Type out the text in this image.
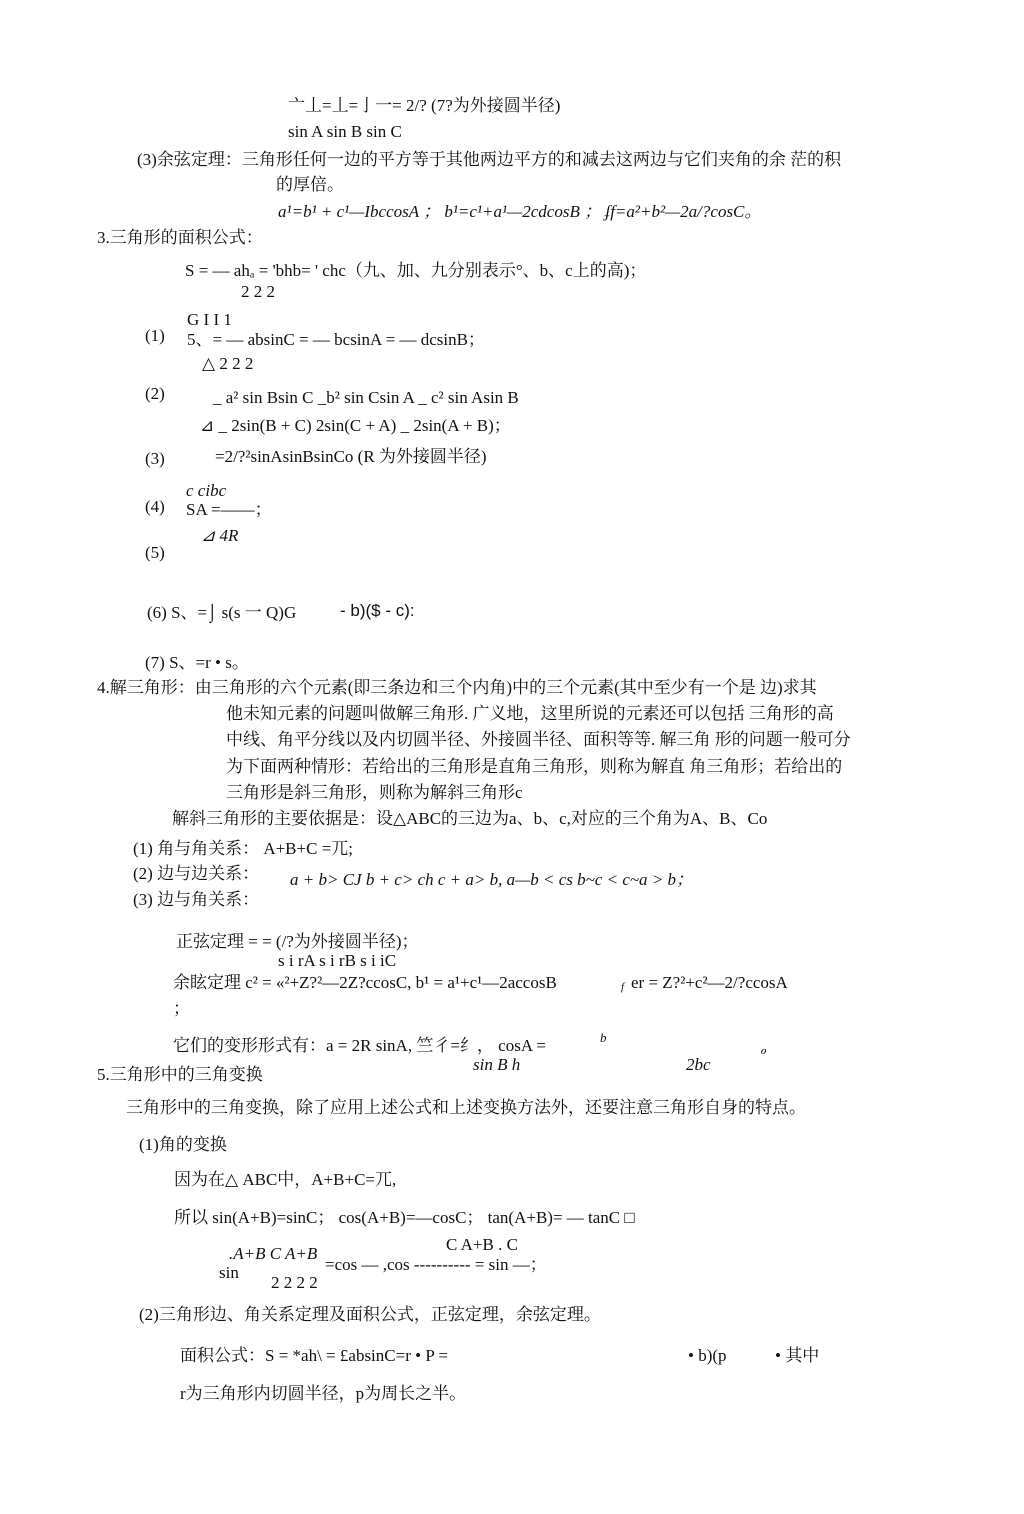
亠丄=丄=亅一= 2/? (7?为外接圆半径)
sin A sin B sin C
(3)余弦定理：三角形任何一边的平方等于其他两边平方的和减去这两边与它们夹角的余 茫的积
的厚倍。
a¹=b¹ + c¹—IbccosA ； b¹=c¹+a¹—2cdcosB ； ʄf=a²+b²—2a/?cosC。
3.三角形的面积公式：
S = — ahₐ = 'bhb= ' chc（九、加、九分别表示°、b、c上的高)；
2 2 2
G I I 1
(1) 5、= — absinC = — bcsinA = — dcsinB；
△ 2 2 2
(2)	_ a² sin Bsin C _b² sin Csin A _ c² sin Asin B
⊿ _ 2sin(B + C) 2sin(C + A) _ 2sin(A + B)；
(3)	=2/?²sinAsinBsinCo (R 为外接圆半径)
c cibc
(4) SA =——；
⊿ 4R
(5)
(6) S、=⌡ s(s 一 Q)G	- b)($ - c):
(7) S、=r • s。
4.解三角形：由三角形的六个元素(即三条边和三个内角)中的三个元素(其中至少有一个是 边)求其
他未知元素的问题叫做解三角形. 广义地，这里所说的元素还可以包括 三角形的高
中线、角平分线以及内切圆半径、外接圆半径、面积等等. 解三角 形的问题一般可分
为下面两种情形：若给出的三角形是直角三角形，则称为解直 角三角形；若给出的
三角形是斜三角形，则称为解斜三角形c
解斜三角形的主要依据是：设△ABC的三边为a、b、c,对应的三个角为A、B、Co
(1) 角与角关系： A+B+C =兀;
(2) 边与边关系： a + b> CJ b + c> ch c + a> b, a—b < cs b~c < c~a > b；
(3) 边与角关系：
正弦定理 = = (/?为外接圆半径)；
s i rA s i rB s i iC
余眩定理 c² = «²+Z?²—2Z?ccosC, b¹ = a¹+c¹—2accosB	f er = Z?²+c²—2/?ccosA
；
它们的变形形式有：a = 2R sinA, 竺彳=纟， cosA =	b
ℴ
sin B h	2bc
5.三角形中的三角变换
三角形中的三角变换，除了应用上述公式和上述变换方法外，还要注意三角形自身的特点。
(1)角的变换
因为在△ ABC中，A+B+C=兀,
所以 sin(A+B)=sinC； cos(A+B)=—cosC； tan(A+B)= — tanC □
C A+B . C
.A+B C A+B
sin	=cos — ,cos ---------- = sin —；
2 2 2 2
(2)三角形边、角关系定理及面积公式，正弦定理，余弦定理。
面积公式：S = *ah\ = £absinC=r • P =	• b)(p	• 其中
r为三角形内切圆半径，p为周长之半。
